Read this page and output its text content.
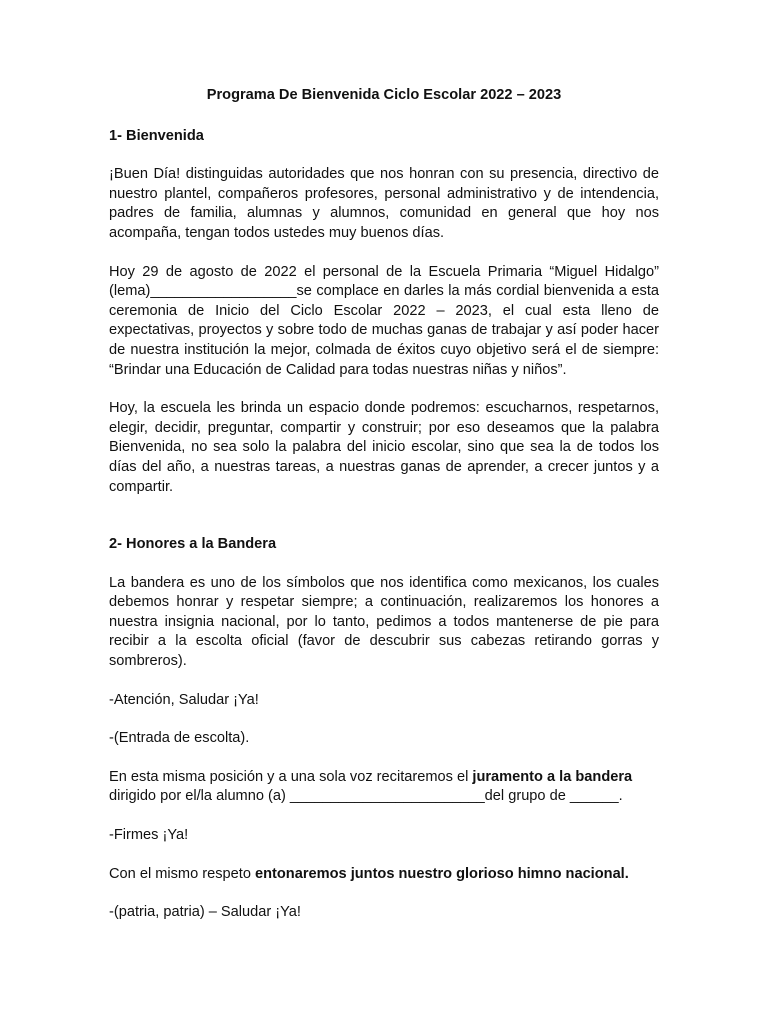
Programa De Bienvenida Ciclo Escolar 2022 – 2023
1- Bienvenida
¡Buen Día! distinguidas autoridades que nos honran con su presencia, directivo de nuestro plantel, compañeros profesores, personal administrativo y de intendencia, padres de familia, alumnas y alumnos, comunidad en general que hoy nos acompaña, tengan todos ustedes muy buenos días.
Hoy 29 de agosto de 2022 el personal de la Escuela Primaria “Miguel Hidalgo” (lema)__________________se complace en darles la más cordial bienvenida a esta ceremonia de Inicio del Ciclo Escolar 2022 – 2023, el cual esta lleno de expectativas, proyectos y sobre todo de muchas ganas de trabajar y así poder hacer de nuestra institución la mejor, colmada de éxitos cuyo objetivo será el de siempre: “Brindar una Educación de Calidad para todas nuestras niñas y niños”.
Hoy, la escuela les brinda un espacio donde podremos: escucharnos, respetarnos, elegir, decidir, preguntar, compartir y construir; por eso deseamos que la palabra Bienvenida, no sea solo la palabra del inicio escolar, sino que sea la de todos los días del año, a nuestras tareas, a nuestras ganas de aprender, a crecer juntos y a compartir.
2- Honores a la Bandera
La bandera es uno de los símbolos que nos identifica como mexicanos, los cuales debemos honrar y respetar siempre; a continuación, realizaremos los honores a nuestra insignia nacional, por lo tanto, pedimos a todos mantenerse de pie para recibir a la escolta oficial (favor de descubrir sus cabezas retirando gorras y sombreros).
-Atención, Saludar ¡Ya!
-(Entrada de escolta).
En esta misma posición y a una sola voz recitaremos el juramento a la bandera dirigido por el/la alumno (a) ________________________del grupo de ______.
-Firmes ¡Ya!
Con el mismo respeto entonaremos juntos nuestro glorioso himno nacional.
-(patria, patria) – Saludar ¡Ya!
